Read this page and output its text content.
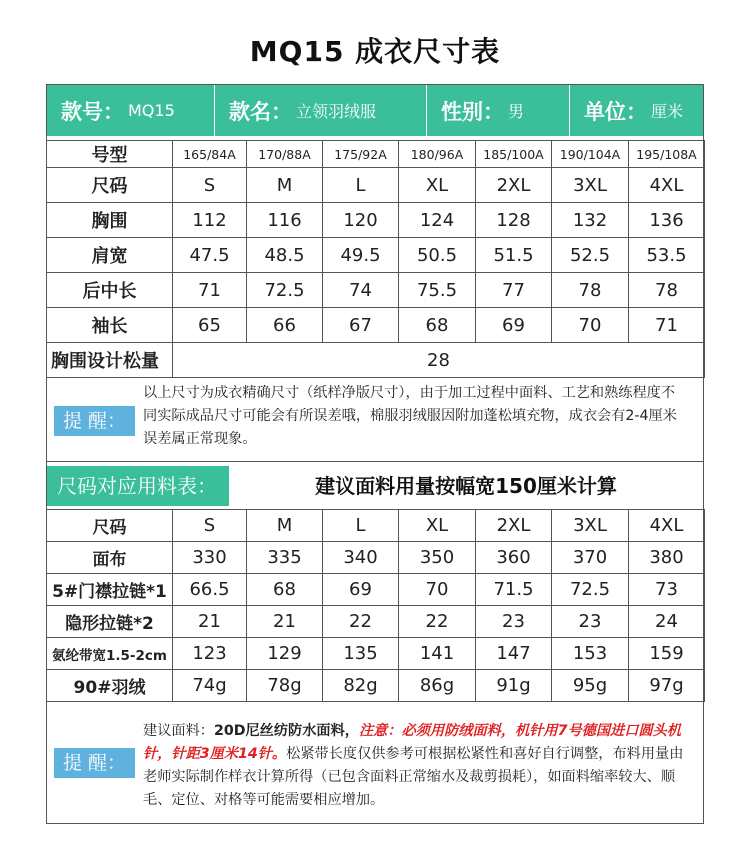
MQ15 成衣尺寸表
款号： MQ15	款名： 立领羽绒服	性别： 男	单位： 厘米
号型	165/84A	170/88A	175/92A	180/96A	185/100A	190/104A	195/108A
尺码	S	M	L	XL	2XL	3XL	4XL
胸围	112	116	120	124	128	132	136
肩宽	47.5	48.5	49.5	50.5	51.5	52.5	53.5
后中长	71	72.5	74	75.5	77	78	78
袖长	65	66	67	68	69	70	71
胸围设计松量	28						
提 醒：
以上尺寸为成衣精确尺寸（纸样净版尺寸），由于加工过程中面料、工艺和熟练程度不同实际成品尺寸可能会有所误差哦，棉服羽绒服因附加蓬松填充物，成衣会有2-4厘米误差属正常现象。
尺码对应用料表：	建议面料用量按幅宽150厘米计算
尺码	S	M	L	XL	2XL	3XL	4XL
面布	330	335	340	350	360	370	380
5#门襟拉链*1	66.5	68	69	70	71.5	72.5	73
隐形拉链*2	21	21	22	22	23	23	24
氨纶带宽1.5-2cm	123	129	135	141	147	153	159
90#羽绒	74g	78g	82g	86g	91g	95g	97g
提 醒：
建议面料：20D尼丝纺防水面料，注意：必须用防绒面料，机针用7号德国进口圆头机针，针距3厘米14针。松紧带长度仅供参考可根据松紧性和喜好自行调整，布料用量由老师实际制作样衣计算所得（已包含面料正常缩水及裁剪损耗），如面料缩率较大、顺毛、定位、对格等可能需要相应增加。
